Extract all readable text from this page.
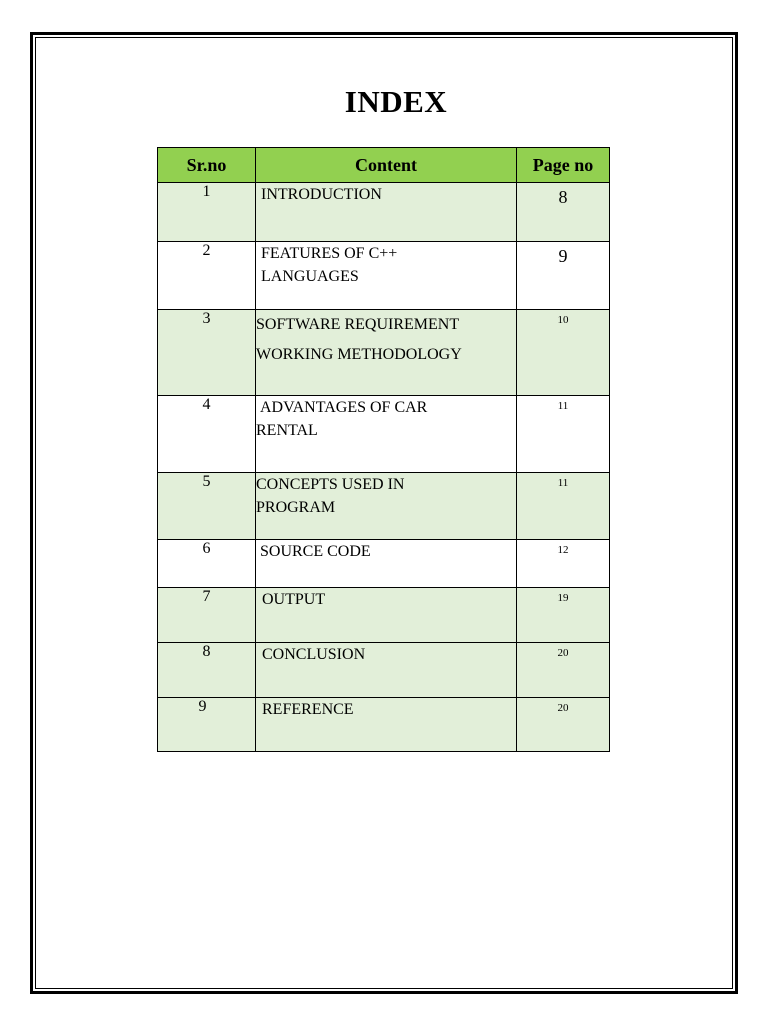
INDEX
Sr.no	Content	Page no
1	INTRODUCTION	8
2	FEATURES OF C++
LANGUAGES	9
3	SOFTWARE REQUIREMENT
WORKING METHODOLOGY	10
4	ADVANTAGES OF CAR
RENTAL	11
5	CONCEPTS USED IN
PROGRAM	11
6	SOURCE CODE	12
7	OUTPUT	19
8	CONCLUSION	20
9	REFERENCE	20
